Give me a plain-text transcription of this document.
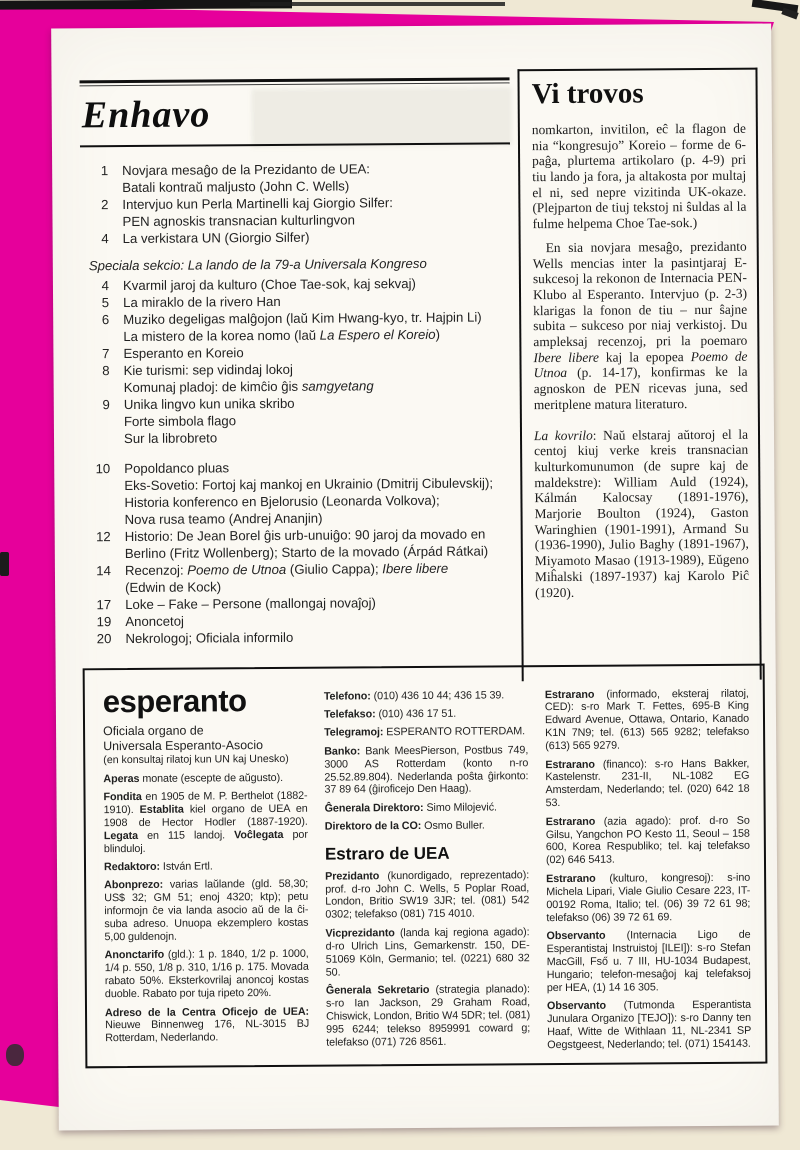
Enhavo
1 Novjara mesaĝo de la Prezidanto de UEA:
Batali kontraŭ maljusto (John C. Wells)
2 Intervjuo kun Perla Martinelli kaj Giorgio Silfer:
PEN agnoskis transnacian kulturlingvon
4 La verkistara UN (Giorgio Silfer)
Speciala sekcio: La lando de la 79-a Universala Kongreso
4 Kvarmil jaroj da kulturo (Choe Tae-sok, kaj sekvaj)
5 La miraklo de la rivero Han
6 Muziko degeligas malĝojon (laŭ Kim Hwang-kyo, tr. Hajpin Li)
La mistero de la korea nomo (laŭ La Espero el Koreio)
7 Esperanto en Koreio
8 Kie turismi: sep vidindaj lokoj
Komunaj pladoj: de kimĉio ĝis samgyetang
9 Unika lingvo kun unika skribo
Forte simbola flago
Sur la librobreto
10 Popoldanco pluas
Eks-Sovetio: Fortoj kaj mankoj en Ukrainio (Dmitrij Cibulevskij);
Historia konferenco en Bjelorusio (Leonarda Volkova);
Nova rusa teamo (Andrej Ananjin)
12 Historio: De Jean Borel ĝis urb-unuiĝo: 90 jaroj da movado en
Berlino (Fritz Wollenberg); Starto de la movado (Árpád Rátkai)
14 Recenzoj: Poemo de Utnoa (Giulio Cappa); Ibere libere
(Edwin de Kock)
17 Loke – Fake – Persone (mallongaj novaĵoj)
19 Anoncetoj
20 Nekrologoj; Oficiala informilo
Vi trovos

nomkarton, invitilon, eĉ la flagon de nia “kongresujo” Koreio – forme de 6-paĝa, plurtema artikolaro (p. 4-9) pri tiu lando ja fora, ja altakosta por multaj el ni, sed nepre vizitinda UK-okaze. (Plejparton de tiuj tekstoj ni ŝuldas al la fulme helpema Choe Tae-sok.)

En sia novjara mesaĝo, prezidanto Wells mencias inter la pasintjaraj E-sukcesoj la rekonon de Internacia PEN-Klubo al Esperanto. Intervjuo (p. 2-3) klarigas la fonon de tiu – nur ŝajne subita – sukceso por niaj verkistoj. Du ampleksaj recenzoj, pri la poemaro Ibere libere kaj la epopea Poemo de Utnoa (p. 14-17), konfirmas ke la agnoskon de PEN ricevas juna, sed meritplene matura literaturo.

La kovrilo: Naŭ elstaraj aŭtoroj el la centoj kiuj verke kreis transnacian kulturkomunumon (de supre kaj de maldekstre): William Auld (1924), Kálmán Kalocsay (1891-1976), Marjorie Boulton (1924), Gaston Waringhien (1901-1991), Armand Su (1936-1990), Julio Baghy (1891-1967), Miyamoto Masao (1913-1989), Eŭgeno Miĥalski (1897-1937) kaj Karolo Piĉ (1920).

esperanto
Oficiala organo de
Universala Esperanto-Asocio
(en konsultaj rilatoj kun UN kaj Unesko)

Aperas monate (escepte de aŭgusto).

Fondita en 1905 de M. P. Berthelot (1882-1910). Establita kiel organo de UEA en 1908 de Hector Hodler (1887-1920). Legata en 115 landoj. Voĉlegata por blinduloj.

Redaktoro: István Ertl.

Abonprezo: varias laŭlande (gld. 58,30; US$ 32; GM 51; enoj 4320; ktp); petu informojn ĉe via landa asocio aŭ de la ĉi-suba adreso. Unuopa ekzemplero kostas 5,00 guldenojn.

Anonctarifo (gld.): 1 p. 1840, 1/2 p. 1000, 1/4 p. 550, 1/8 p. 310, 1/16 p. 175. Movada rabato 50%. Eksterkovrilaj anoncoj kostas duoble. Rabato por tuja ripeto 20%.

Adreso de la Centra Oficejo de UEA: Nieuwe Binnenweg 176, NL-3015 BJ Rotterdam, Nederlando.

Telefono: (010) 436 10 44; 436 15 39.

Telefakso: (010) 436 17 51.

Telegramoj: ESPERANTO ROTTERDAM.

Banko: Bank MeesPierson, Postbus 749, 3000 AS Rotterdam (konto n-ro 25.52.89.804). Nederlanda poŝta ĝirkonto: 37 89 64 (ĝiroficejo Den Haag).

Ĝenerala Direktoro: Simo Milojević.

Direktoro de la CO: Osmo Buller.

Estraro de UEA

Prezidanto (kunordigado, reprezentado): prof. d-ro John C. Wells, 5 Poplar Road, London, Britio SW19 3JR; tel. (081) 542 0302; telefakso (081) 715 4010.

Vicprezidanto (landa kaj regiona agado): d-ro Ulrich Lins, Gemarkenstr. 150, DE-51069 Köln, Germanio; tel. (0221) 680 32 50.

Ĝenerala Sekretario (strategia planado): s-ro Ian Jackson, 29 Graham Road, Chiswick, London, Britio W4 5DR; tel. (081) 995 6244; telekso 8959991 coward g; telefakso (071) 726 8561.

Estrarano (informado, eksteraj rilatoj, CED): s-ro Mark T. Fettes, 695-B King Edward Avenue, Ottawa, Ontario, Kanado K1N 7N9; tel. (613) 565 9282; telefakso (613) 565 9279.

Estrarano (financo): s-ro Hans Bakker, Kastelenstr. 231-II, NL-1082 EG Amsterdam, Nederlando; tel. (020) 642 18 53.

Estrarano (azia agado): prof. d-ro So Gilsu, Yangchon PO Kesto 11, Seoul – 158 600, Korea Respubliko; tel. kaj telefakso (02) 646 5413.

Estrarano (kulturo, kongresoj): s-ino Michela Lipari, Viale Giulio Cesare 223, IT-00192 Roma, Italio; tel. (06) 39 72 61 98; telefakso (06) 39 72 61 69.

Observanto (Internacia Ligo de Esperantistaj Instruistoj [ILEI]): s-ro Stefan MacGill, Fső u. 7 III, HU-1034 Budapest, Hungario; telefon-mesaĝoj kaj telefaksoj per HEA, (1) 14 16 305.

Observanto (Tutmonda Esperantista Junulara Organizo [TEJO]): s-ro Danny ten Haaf, Witte de Withlaan 11, NL-2341 SP Oegstgeest, Nederlando; tel. (071) 154143.
